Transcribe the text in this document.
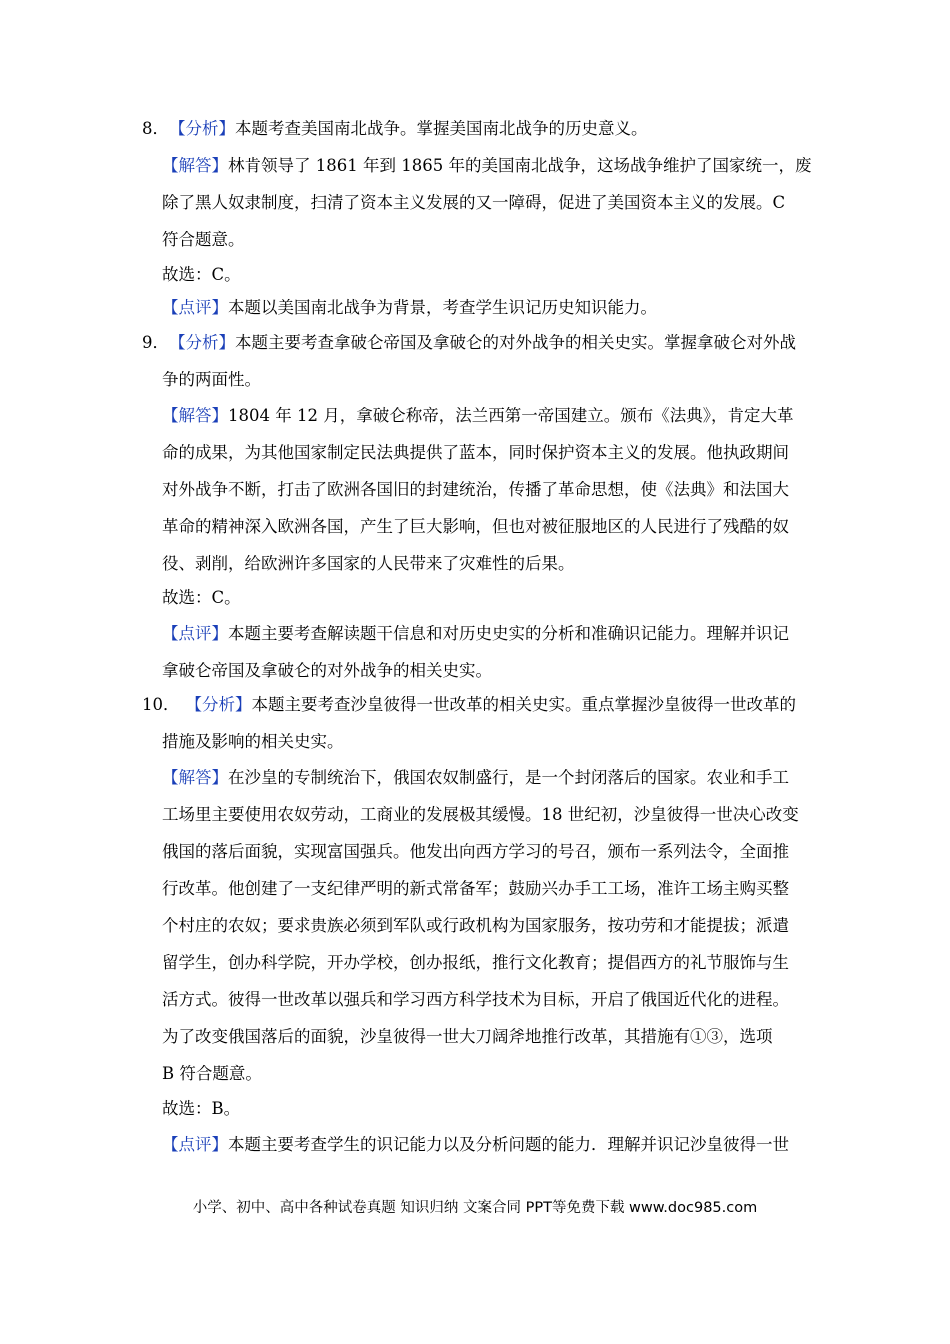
8．【分析】本题考查美国南北战争。掌握美国南北战争的历史意义。
【解答】林肯领导了 1861 年到 1865 年的美国南北战争，这场战争维护了国家统一，废
除了黑人奴隶制度，扫清了资本主义发展的又一障碍，促进了美国资本主义的发展。C
符合题意。
故选：C。
【点评】本题以美国南北战争为背景，考查学生识记历史知识能力。
9．【分析】本题主要考查拿破仑帝国及拿破仑的对外战争的相关史实。掌握拿破仑对外战
争的两面性。
【解答】1804 年 12 月，拿破仑称帝，法兰西第一帝国建立。颁布《法典》，肯定大革
命的成果，为其他国家制定民法典提供了蓝本，同时保护资本主义的发展。他执政期间
对外战争不断，打击了欧洲各国旧的封建统治，传播了革命思想，使《法典》和法国大
革命的精神深入欧洲各国，产生了巨大影响，但也对被征服地区的人民进行了残酷的奴
役、剥削，给欧洲许多国家的人民带来了灾难性的后果。
故选：C。
【点评】本题主要考查解读题干信息和对历史史实的分析和准确识记能力。理解并识记
拿破仑帝国及拿破仑的对外战争的相关史实。
10． 【分析】本题主要考查沙皇彼得一世改革的相关史实。重点掌握沙皇彼得一世改革的
措施及影响的相关史实。
【解答】在沙皇的专制统治下，俄国农奴制盛行，是一个封闭落后的国家。农业和手工
工场里主要使用农奴劳动，工商业的发展极其缓慢。18 世纪初，沙皇彼得一世决心改变
俄国的落后面貌，实现富国强兵。他发出向西方学习的号召，颁布一系列法令，全面推
行改革。他创建了一支纪律严明的新式常备军；鼓励兴办手工工场，准许工场主购买整
个村庄的农奴；要求贵族必须到军队或行政机构为国家服务，按功劳和才能提拔；派遣
留学生，创办科学院，开办学校，创办报纸，推行文化教育；提倡西方的礼节服饰与生
活方式。彼得一世改革以强兵和学习西方科学技术为目标，开启了俄国近代化的进程。
为了改变俄国落后的面貌，沙皇彼得一世大刀阔斧地推行改革，其措施有①③，选项
B 符合题意。
故选：B。
【点评】本题主要考查学生的识记能力以及分析问题的能力．理解并识记沙皇彼得一世
小学、初中、高中各种试卷真题 知识归纳 文案合同 PPT等免费下载 www.doc985.com
